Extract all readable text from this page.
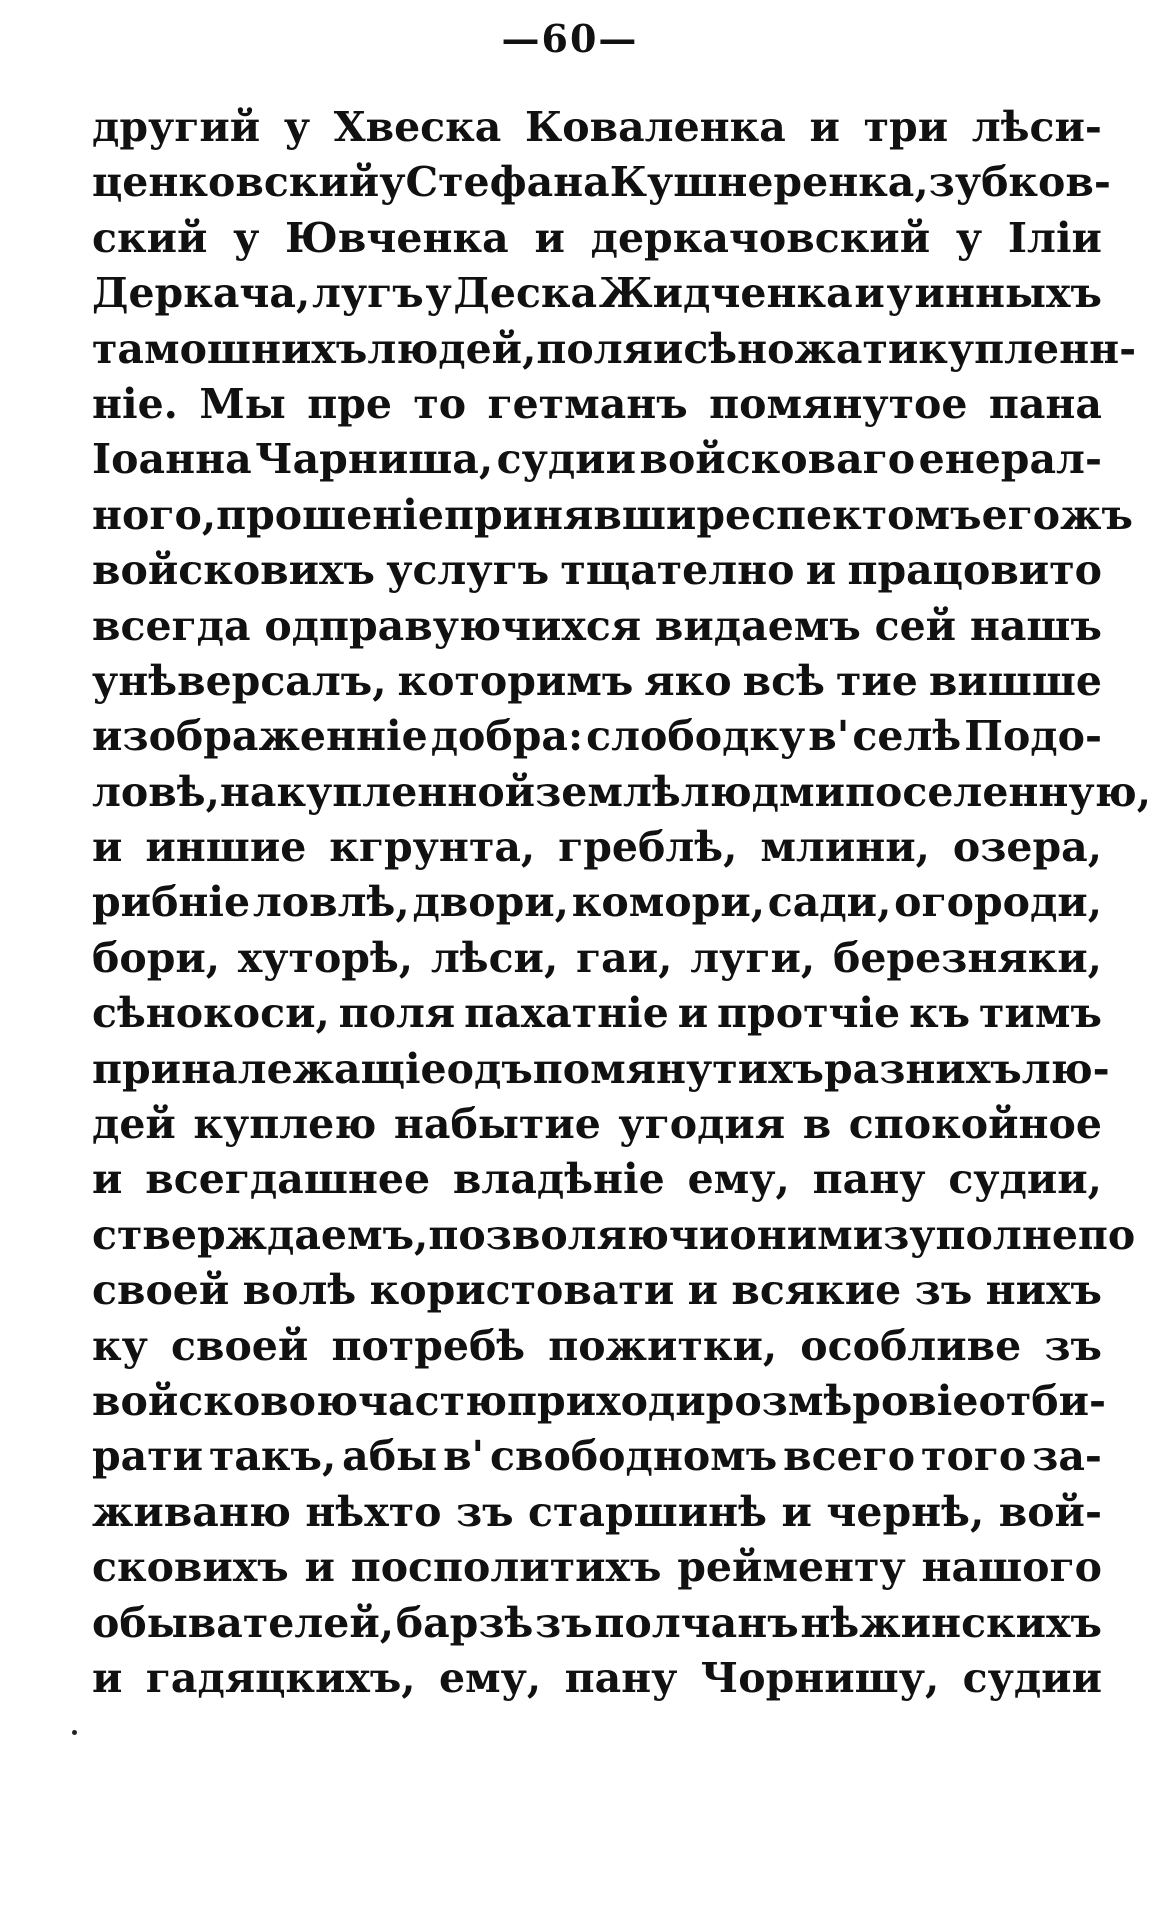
—60—
другий у Хвеска Коваленка и три лѣси-
ценковский у Стефана Кушнеренка, зубков-
ский у Ювченка и деркачовский у Іліи
Деркача, лугъ у Деска Жидченка и у инныхъ
тамошнихъ людей, поля и сѣножати купленн-
ніе. Мы пре то гетманъ помянутое пана
Іоанна Чарниша, судии войсковаго енерал-
ного, прошеніе принявши респектомъ егожъ
войсковихъ услугъ тщателно и працовито
всегда одправуючихся видаемъ сей нашъ
унѣверсалъ, которимъ яко всѣ тие вишше
изображенніе добра: слободку в' селѣ Подо-
ловѣ, на купленной землѣ людми поселенную,
и иншие кгрунта, греблѣ, млини, озера,
рибніе ловлѣ, двори, комори, сади, огороди,
бори, хуторѣ, лѣси, гаи, луги, березняки,
сѣнокоси, поля пахатніе и протчіе къ тимъ
приналежащіе одъ помянутихъ разнихъ лю-
дей куплею набытие угодия в спокойное
и всегдашнее владѣніе ему, пану судии,
стверждаемъ, позволяючи оними зуполне по
своей волѣ користовати и всякие зъ нихъ
ку своей потребѣ пожитки, особливе зъ
войсковою частю приходи розмѣровіе отби-
рати такъ, абы в' свободномъ всего того за-
живаню нѣхто зъ старшинѣ и чернѣ, вой-
сковихъ и посполитихъ рейменту нашого
обывателей, барзѣ зъ полчанъ нѣжинскихъ
и гадяцкихъ, ему, пану Чорнишу, судии
